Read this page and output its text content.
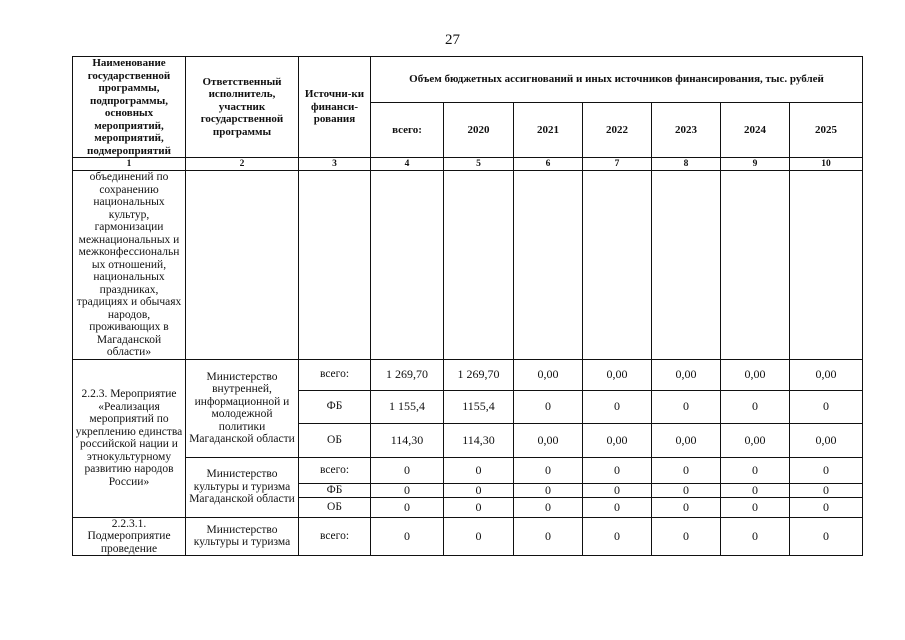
27
Наименование государственной программы, подпрограммы, основных мероприятий, мероприятий, подмероприятий	Ответственный исполнитель, участник государственной программы	Источни-ки финанси-рования	Объем бюджетных ассигнований и иных источников финансирования, тыс. рублей						
			всего:	2020	2021	2022	2023	2024	2025
1	2	3	4	5	6	7	8	9	10
объединений по сохранению национальных культур, гармонизации межнациональных и межконфессиональн ых отношений, национальных праздниках, традициях и обычаях народов, проживающих в Магаданской области»									
2.2.3. Мероприятие «Реализация мероприятий по укреплению единства российской нации и этнокультурному развитию народов России»	Министерство внутренней, информационной и молодежной политики Магаданской области	всего:	1 269,70	1 269,70	0,00	0,00	0,00	0,00	0,00
		ФБ	1 155,4	1155,4	0	0	0	0	0
		ОБ	114,30	114,30	0,00	0,00	0,00	0,00	0,00
	Министерство культуры и туризма Магаданской области	всего:	0	0	0	0	0	0	0
		ФБ	0	0	0	0	0	0	0
		ОБ	0	0	0	0	0	0	0
2.2.3.1. Подмероприятие проведение	Министерство культуры и туризма	всего:	0	0	0	0	0	0	0
